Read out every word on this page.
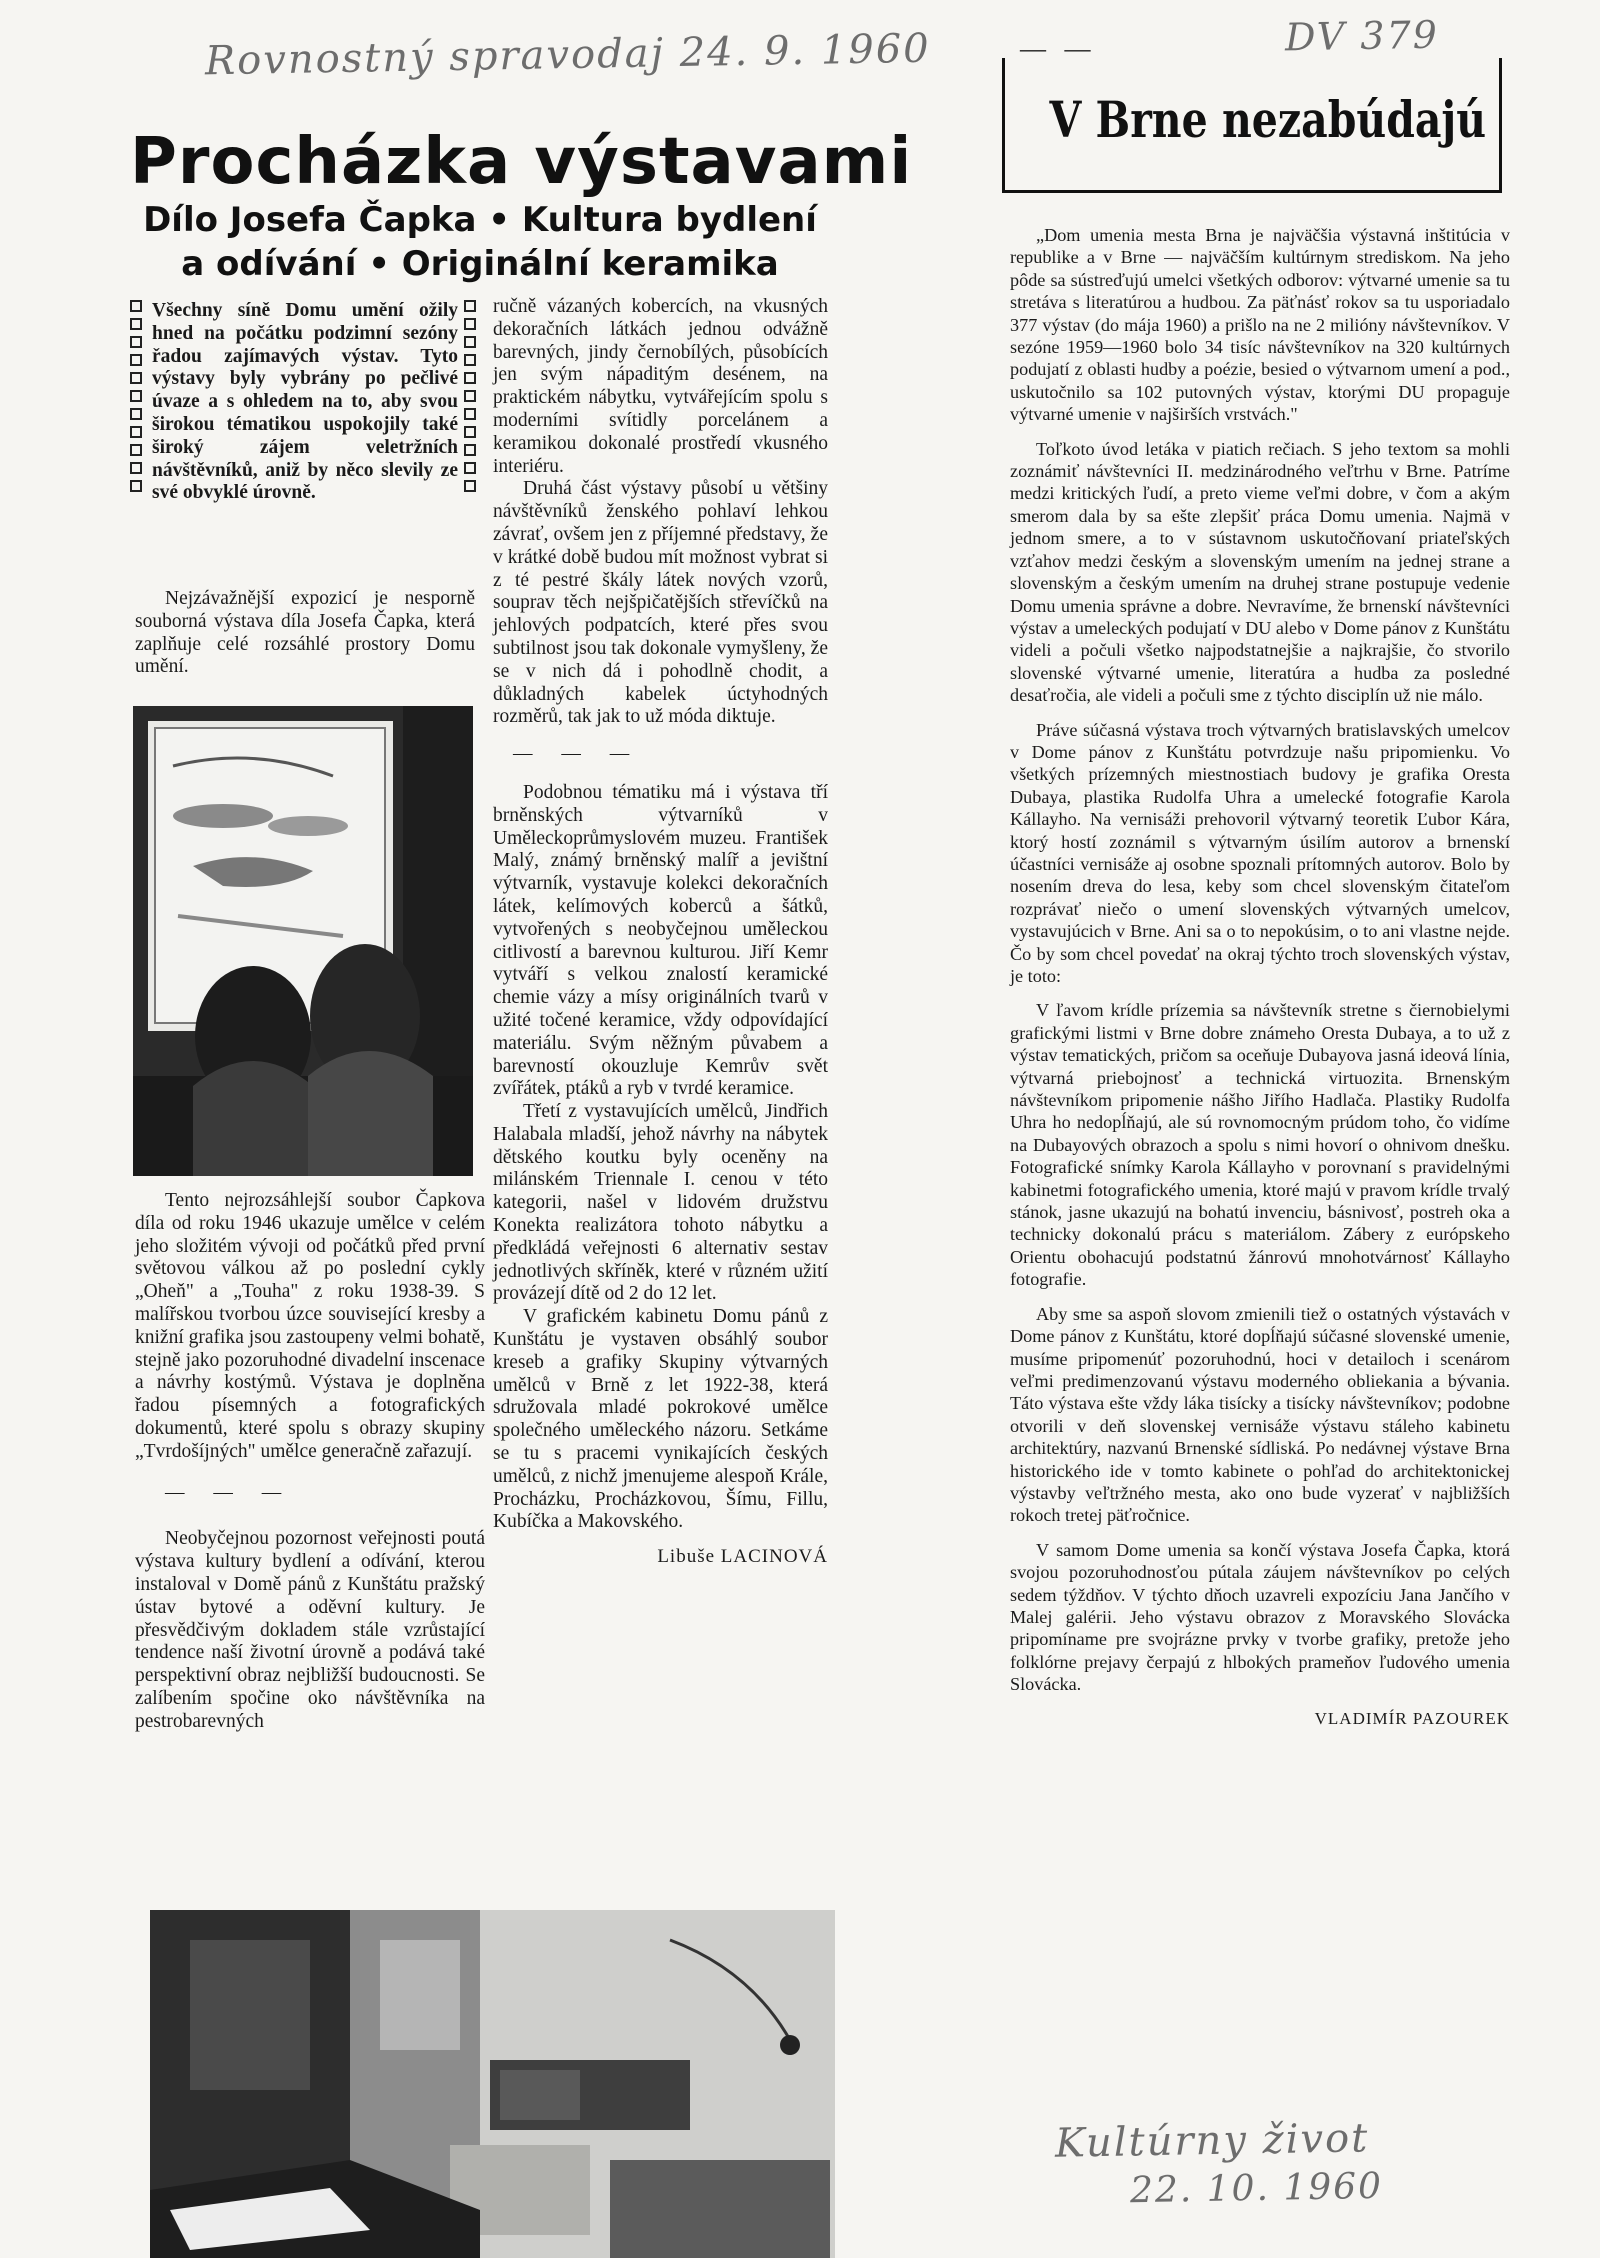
Rovnostný spravodaj 24. 9. 1960	DV 379
Kultúrny život
22. 10. 1960
Procházka výstavami
Dílo Josefa Čapka • Kultura bydlení
a odívání • Originální keramika
Všechny síně Domu umění ožily hned na počátku podzimní sezóny řadou zajímavých výstav. Tyto výstavy byly vybrány po pečlivé úvaze a s ohledem na to, aby svou širokou tématikou uspokojily také široký zájem veletržních návštěvníků, aniž by něco slevily ze své obvyklé úrovně.

Nejzávažnější expozicí je nesporně souborná výstava díla Josefa Čapka, která zaplňuje celé rozsáhlé prostory Domu umění.

Tento nejrozsáhlejší soubor Čapkova díla od roku 1946 ukazuje umělce v celém jeho složitém vývoji od počátků před první světovou válkou až po poslední cykly „Oheň" a „Touha" z roku 1938-39. S malířskou tvorbou úzce související kresby a knižní grafika jsou zastoupeny velmi bohatě, stejně jako pozoruhodné divadelní inscenace a návrhy kostýmů. Výstava je doplněna řadou písemných a fotografických dokumentů, které spolu s obrazy skupiny „Tvrdošíjných" umělce generačně zařazují.

— — —

Neobyčejnou pozornost veřejnosti poutá výstava kultury bydlení a odívání, kterou instaloval v Domě pánů z Kunštátu pražský ústav bytové a oděvní kultury. Je přesvědčivým dokladem stále vzrůstající tendence naší životní úrovně a podává také perspektivní obraz nejbližší budoucnosti. Se zalíbením spočine oko návštěvníka na pestrobarevných

ručně vázaných kobercích, na vkusných dekoračních látkách jednou odvážně barevných, jindy černobílých, působících jen svým nápaditým desénem, na praktickém nábytku, vytvářejícím spolu s moderními svítidly porcelánem a keramikou dokonalé prostředí vkusného interiéru.

Druhá část výstavy působí u většiny návštěvníků ženského pohlaví lehkou závrať, ovšem jen z příjemné představy, že v krátké době budou mít možnost vybrat si z té pestré škály látek nových vzorů, souprav těch nejšpičatějších střevíčků na jehlových podpatcích, které přes svou subtilnost jsou tak dokonale vymyšleny, že se v nich dá i pohodlně chodit, a důkladných kabelek úctyhodných rozměrů, tak jak to už móda diktuje.

— — —

Podobnou tématiku má i výstava tří brněnských výtvarníků v Uměleckoprůmyslovém muzeu. František Malý, známý brněnský malíř a jevištní výtvarník, vystavuje kolekci dekoračních látek, kelímových koberců a šátků, vytvořených s neobyčejnou uměleckou citlivostí a barevnou kulturou. Jiří Kemr vytváří s velkou znalostí keramické chemie vázy a mísy originálních tvarů v užité točené keramice, vždy odpovídající materiálu. Svým něžným půvabem a barevností okouzluje Kemrův svět zvířátek, ptáků a ryb v tvrdé keramice.

Třetí z vystavujících umělců, Jindřich Halabala mladší, jehož návrhy na nábytek dětského koutku byly oceněny na milánském Triennale I. cenou v této kategorii, našel v lidovém družstvu Konekta realizátora tohoto nábytku a předkládá veřejnosti 6 alternativ sestav jednotlivých skříněk, které v různém užití provázejí dítě od 2 do 12 let.

V grafickém kabinetu Domu pánů z Kunštátu je vystaven obsáhlý soubor kreseb a grafiky Skupiny výtvarných umělců v Brně z let 1922-38, která sdružovala mladé pokrokové umělce společného uměleckého názoru. Setkáme se tu s pracemi vynikajících českých umělců, z nichž jmenujeme alespoň Krále, Procházku, Procházkovou, Šímu, Fillu, Kubíčka a Makovského.

Libuše LACINOVÁ
— —
V Brne nezabúdajú

„Dom umenia mesta Brna je najväčšia výstavná inštitúcia v republike a v Brne — najväčším kultúrnym strediskom. Na jeho pôde sa sústreďujú umelci všetkých odborov: výtvarné umenie sa tu stretáva s literatúrou a hudbou. Za päťnásť rokov sa tu usporiadalo 377 výstav (do mája 1960) a prišlo na ne 2 milióny návštevníkov. V sezóne 1959—1960 bolo 34 tisíc návštevníkov na 320 kultúrnych podujatí z oblasti hudby a poézie, besied o výtvarnom umení a pod., uskutočnilo sa 102 putovných výstav, ktorými DU propaguje výtvarné umenie v najširších vrstvách."

Toľkoto úvod letáka v piatich rečiach. S jeho textom sa mohli zoznámiť návštevníci II. medzinárodného veľtrhu v Brne. Patríme medzi kritických ľudí, a preto vieme veľmi dobre, v čom a akým smerom dala by sa ešte zlepšiť práca Domu umenia. Najmä v jednom smere, a to v sústavnom uskutočňovaní priateľských vzťahov medzi českým a slovenským umením na jednej strane a slovenským a českým umením na druhej strane postupuje vedenie Domu umenia správne a dobre. Nevravíme, že brnenskí návštevníci výstav a umeleckých podujatí v DU alebo v Dome pánov z Kunštátu videli a počuli všetko najpodstatnejšie a najkrajšie, čo stvorilo slovenské výtvarné umenie, literatúra a hudba za posledné desaťročia, ale videli a počuli sme z týchto disciplín už nie málo.

Práve súčasná výstava troch výtvarných bratislavských umelcov v Dome pánov z Kunštátu potvrdzuje našu pripomienku. Vo všetkých prízemných miestnostiach budovy je grafika Oresta Dubaya, plastika Rudolfa Uhra a umelecké fotografie Karola Kállayho. Na vernisáži prehovoril výtvarný teoretik Ľubor Kára, ktorý hostí zoznámil s výtvarným úsilím autorov a brnenskí účastníci vernisáže aj osobne spoznali prítomných autorov. Bolo by nosením dreva do lesa, keby som chcel slovenským čitateľom rozprávať niečo o umení slovenských výtvarných umelcov, vystavujúcich v Brne. Ani sa o to nepokúsim, o to ani vlastne nejde. Čo by som chcel povedať na okraj týchto troch slovenských výstav, je toto:

V ľavom krídle prízemia sa návštevník stretne s čiernobielymi grafickými listmi v Brne dobre známeho Oresta Dubaya, a to už z výstav tematických, pričom sa oceňuje Dubayova jasná ideová línia, výtvarná priebojnosť a technická virtuozita. Brnenským návštevníkom pripomenie nášho Jiřího Hadlača. Plastiky Rudolfa Uhra ho nedopĺňajú, ale sú rovnomocným prúdom toho, čo vidíme na Dubayových obrazoch a spolu s nimi hovorí o ohnivom dnešku. Fotografické snímky Karola Kállayho v porovnaní s pravidelnými kabinetmi fotografického umenia, ktoré majú v pravom krídle trvalý stánok, jasne ukazujú na bohatú invenciu, básnivosť, postreh oka a technicky dokonalú prácu s materiálom. Zábery z európskeho Orientu obohacujú podstatnú žánrovú mnohotvárnosť Kállayho fotografie.

Aby sme sa aspoň slovom zmienili tiež o ostatných výstavách v Dome pánov z Kunštátu, ktoré dopĺňajú súčasné slovenské umenie, musíme pripomenúť pozoruhodnú, hoci v detailoch i scenárom veľmi predimenzovanú výstavu moderného obliekania a bývania. Táto výstava ešte vždy láka tisícky a tisícky návštevníkov; podobne otvorili v deň slovenskej vernisáže výstavu stáleho kabinetu architektúry, nazvanú Brnenské sídliská. Po nedávnej výstave Brna historického ide v tomto kabinete o pohľad do architektonickej výstavby veľtržného mesta, ako ono bude vyzerať v najbližších rokoch tretej päťročnice.

V samom Dome umenia sa končí výstava Josefa Čapka, ktorá svojou pozoruhodnosťou pútala záujem návštevníkov po celých sedem týždňov. V týchto dňoch uzavreli expozíciu Jana Jančího v Malej galérii. Jeho výstavu obrazov z Moravského Slovácka pripomíname pre svojrázne prvky v tvorbe grafiky, pretože jeho folklórne prejavy čerpajú z hlbokých prameňov ľudového umenia Slovácka.

VLADIMÍR PAZOUREK
